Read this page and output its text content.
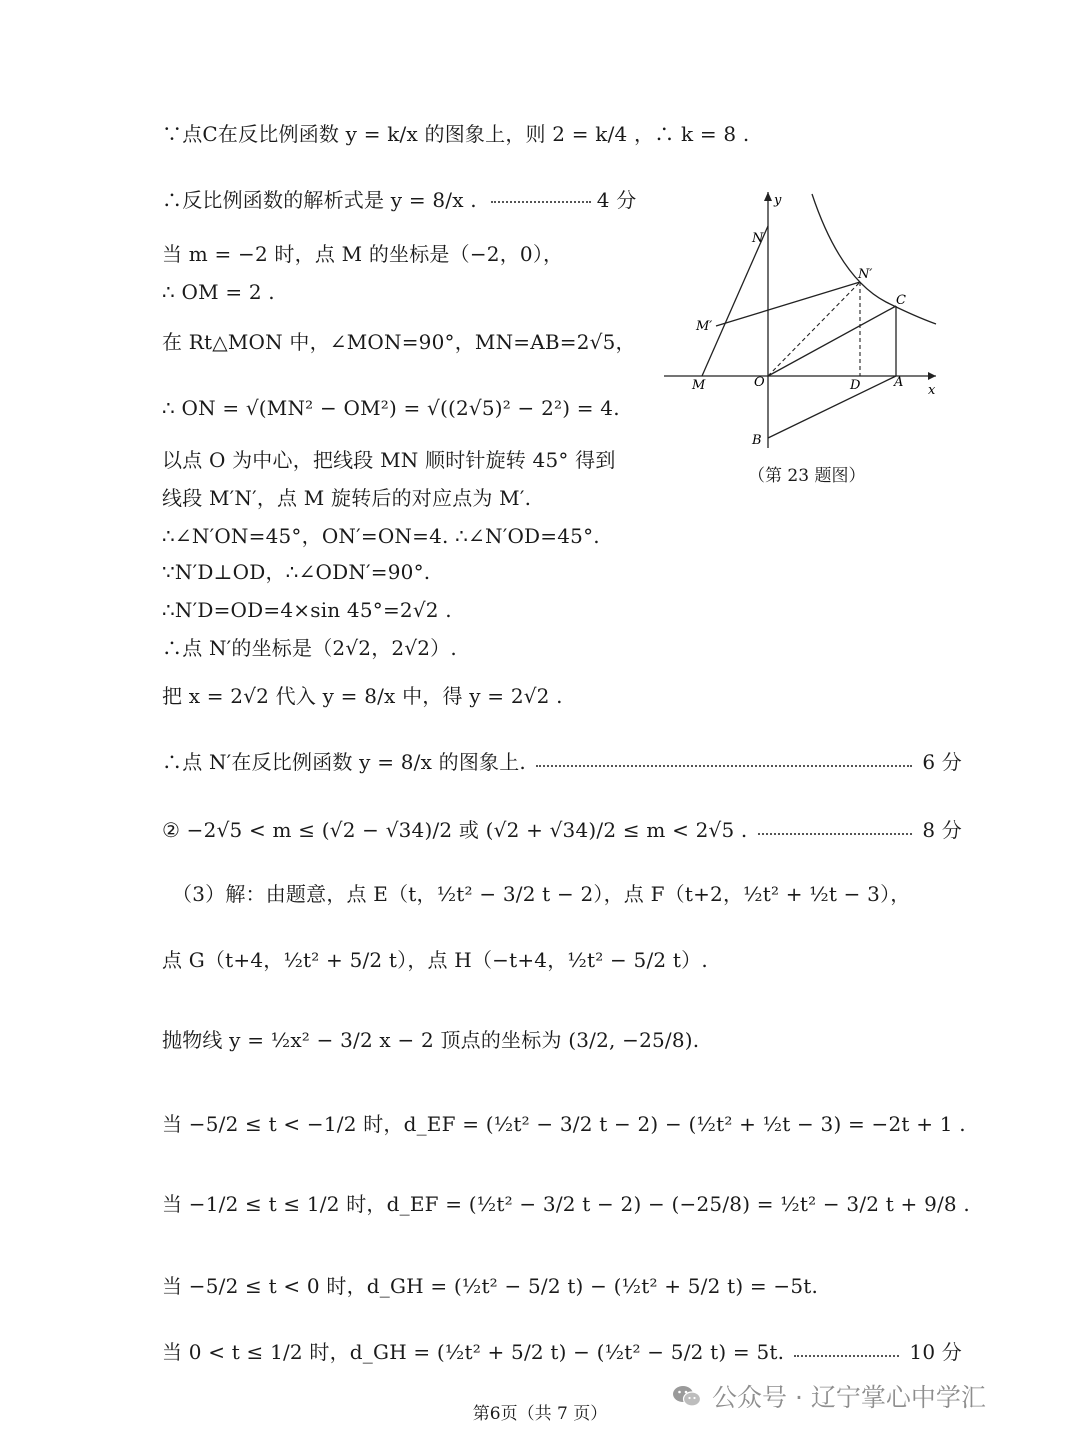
∵点C在反比例函数 y = k/x 的图象上，则 2 = k/4 ，∴ k = 8 .
∴反比例函数的解析式是 y = 8/x .	4 分
当 m = −2 时，点 M 的坐标是（−2，0），
∴ OM = 2 .
在 Rt△MON 中，∠MON=90°，MN=AB=2√5，
∴ ON = √(MN² − OM²) = √((2√5)² − 2²) = 4.
以点 O 为中心，把线段 MN 顺时针旋转 45° 得到
线段 M′N′，点 M 旋转后的对应点为 M′.
∴∠N′ON=45°，ON′=ON=4. ∴∠N′OD=45°.
∵N′D⊥OD，∴∠ODN′=90°.
∴N′D=OD=4×sin 45°=2√2 .
∴点 N′的坐标是（2√2，2√2）.
把 x = 2√2 代入 y = 8/x 中，得 y = 2√2 .
∴点 N′在反比例函数 y = 8/x 的图象上.	6 分
② −2√5 < m ≤ (√2 − √34)/2 或 (√2 + √34)/2 ≤ m < 2√5 .	8 分
（3）解：由题意，点 E（t，½t² − 3/2 t − 2），点 F（t+2，½t² + ½t − 3），
点 G（t+4，½t² + 5/2 t），点 H（−t+4，½t² − 5/2 t）.
抛物线 y = ½x² − 3/2 x − 2 顶点的坐标为 (3/2, −25/8).
当 −5/2 ≤ t < −1/2 时，d_EF = (½t² − 3/2 t − 2) − (½t² + ½t − 3) = −2t + 1 .
当 −1/2 ≤ t ≤ 1/2 时，d_EF = (½t² − 3/2 t − 2) − (−25/8) = ½t² − 3/2 t + 9/8 .
当 −5/2 ≤ t < 0 时，d_GH = (½t² − 5/2 t) − (½t² + 5/2 t) = −5t.
当 0 < t ≤ 1/2 时，d_GH = (½t² + 5/2 t) − (½t² − 5/2 t) = 5t.	10 分
y
x
N
N′
C
M′
M	O	D	A
B
（第 23 题图）
第6页（共 7 页）
公众号 · 辽宁掌心中学汇
